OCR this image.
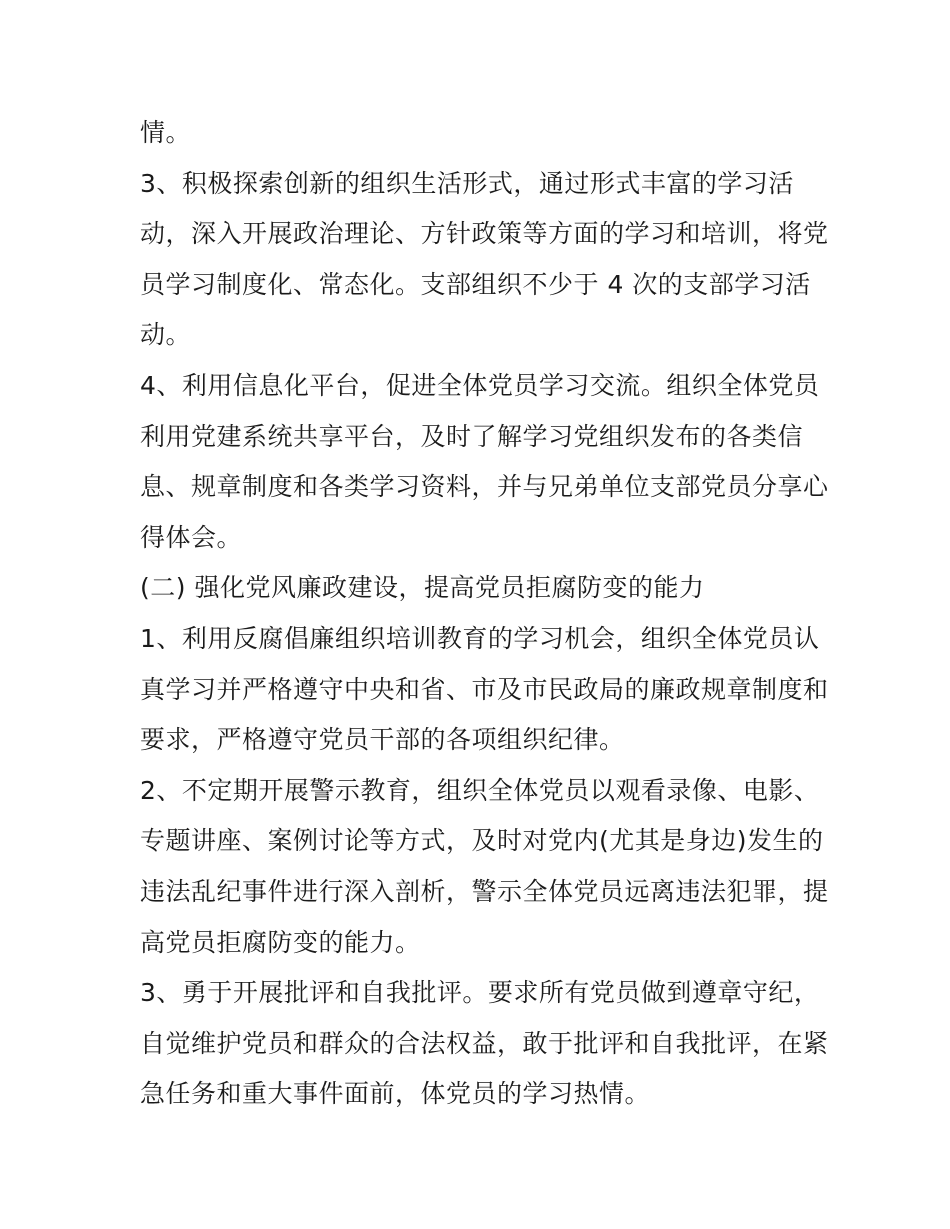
情。
3、积极探索创新的组织生活形式，通过形式丰富的学习活
动，深入开展政治理论、方针政策等方面的学习和培训，将党
员学习制度化、常态化。支部组织不少于 4 次的支部学习活
动。
4、利用信息化平台，促进全体党员学习交流。组织全体党员
利用党建系统共享平台，及时了解学习党组织发布的各类信
息、规章制度和各类学习资料，并与兄弟单位支部党员分享心
得体会。
(二) 强化党风廉政建设，提高党员拒腐防变的能力
1、利用反腐倡廉组织培训教育的学习机会，组织全体党员认
真学习并严格遵守中央和省、市及市民政局的廉政规章制度和
要求，严格遵守党员干部的各项组织纪律。
2、不定期开展警示教育，组织全体党员以观看录像、电影、
专题讲座、案例讨论等方式，及时对党内(尤其是身边)发生的
违法乱纪事件进行深入剖析，警示全体党员远离违法犯罪，提
高党员拒腐防变的能力。
3、勇于开展批评和自我批评。要求所有党员做到遵章守纪，
自觉维护党员和群众的合法权益，敢于批评和自我批评，在紧
急任务和重大事件面前，体党员的学习热情。
